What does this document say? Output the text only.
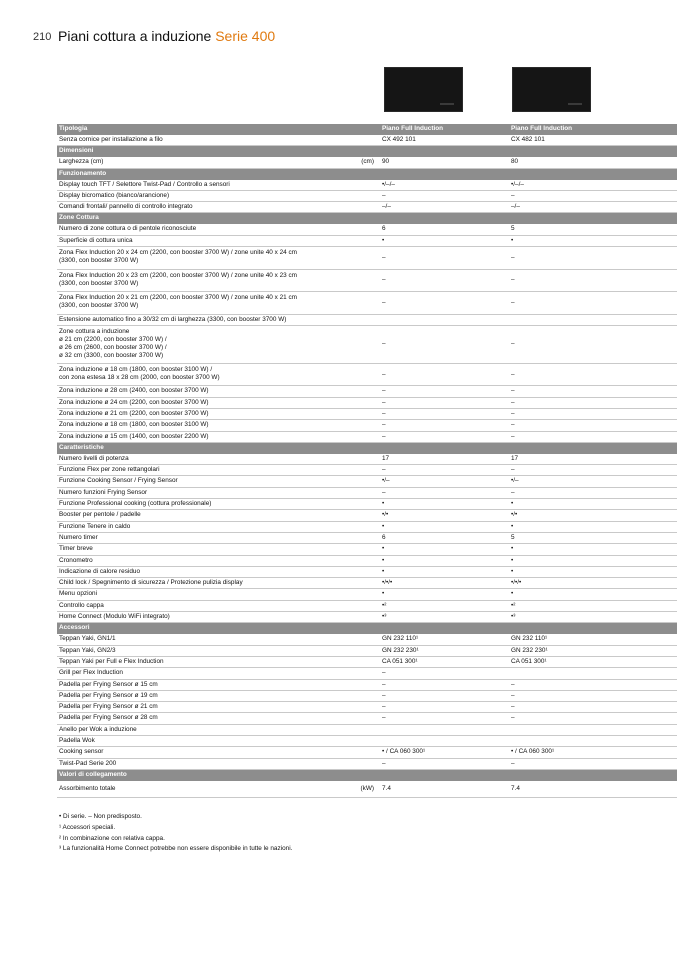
210 Piani cottura a induzione Serie 400
Tipologia	Piano Full Induction	Piano Full Induction
Senza cornice per installazione a filo	CX 492 101	CX 482 101
Dimensioni
Larghezza (cm)	(cm) 90	80
Funzionamento
Display touch TFT / Selettore Twist-Pad / Controllo a sensori	•/–/–	•/–/–
Display bicromatico (bianco/arancione)	–	–
Comandi frontali/ pannello di controllo integrato	–/–	–/–
Zone Cottura
Numero di zone cottura o di pentole riconosciute	6	5
Superficie di cottura unica	•	•
Zona Flex Induction 20 x 24 cm (2200, con booster 3700 W) / zone unite 40 x 24 cm
(3300, con booster 3700 W)	–	–
Zona Flex Induction 20 x 23 cm (2200, con booster 3700 W) / zone unite 40 x 23 cm
(3300, con booster 3700 W)	–	–
Zona Flex Induction 20 x 21 cm (2200, con booster 3700 W) / zone unite 40 x 21 cm
(3300, con booster 3700 W)	–	–
Estensione automatico fino a 30/32 cm di larghezza (3300, con booster 3700 W)
Zone cottura a induzione
ø 21 cm (2200, con booster 3700 W) /
ø 26 cm (2600, con booster 3700 W) /
ø 32 cm (3300, con booster 3700 W)
–	–
Zona induzione ø 18 cm (1800, con booster 3100 W) /
con zona estesa 18 x 28 cm (2000, con booster 3700 W)	–	–
Zona induzione ø 28 cm (2400, con booster 3700 W)	–	–
Zona induzione ø 24 cm (2200, con booster 3700 W)	–	–
Zona induzione ø 21 cm (2200, con booster 3700 W)	–	–
Zona induzione ø 18 cm (1800, con booster 3100 W)	–	–
Zona induzione ø 15 cm (1400, con booster 2200 W)	–	–
Caratteristiche
Numero livelli di potenza	17	17
Funzione Flex per zone rettangolari	–	–
Funzione Cooking Sensor / Frying Sensor	•/–	•/–
Numero funzioni Frying Sensor	–	–
Funzione Professional cooking (cottura professionale)	•	•
Booster per pentole / padelle	•/•	•/•
Funzione Tenere in caldo	•	•
Numero timer	6	5
Timer breve	•	•
Cronometro	•	•
Indicazione di calore residuo	•	•
Child lock / Spegnimento di sicurezza / Protezione pulizia display	•/•/•	•/•/•
Menu opzioni	•	•
Controllo cappa	•²	•²
Home Connect (Modulo WiFi integrato)	•³	•³
Accessori
Teppan Yaki, GN1/1	GN 232 110¹	GN 232 110¹
Teppan Yaki, GN2/3	GN 232 230¹	GN 232 230¹
Teppan Yaki per Full e Flex Induction	CA 051 300¹	CA 051 300¹
Grill per Flex Induction	–
Padella per Frying Sensor ø 15 cm	–	–
Padella per Frying Sensor ø 19 cm	–	–
Padella per Frying Sensor ø 21 cm	–	–
Padella per Frying Sensor ø 28 cm	–	–
Anello per Wok a induzione
Padella Wok
Cooking sensor	• / CA 060 300¹	• / CA 060 300¹
Twist-Pad Serie 200	–	–
Valori di collegamento
Assorbimento totale	(kW) 7.4	7.4
• Di serie. – Non predisposto.
¹ Accessori speciali.
² In combinazione con relativa cappa.
³ La funzionalità Home Connect potrebbe non essere disponibile in tutte le nazioni.
